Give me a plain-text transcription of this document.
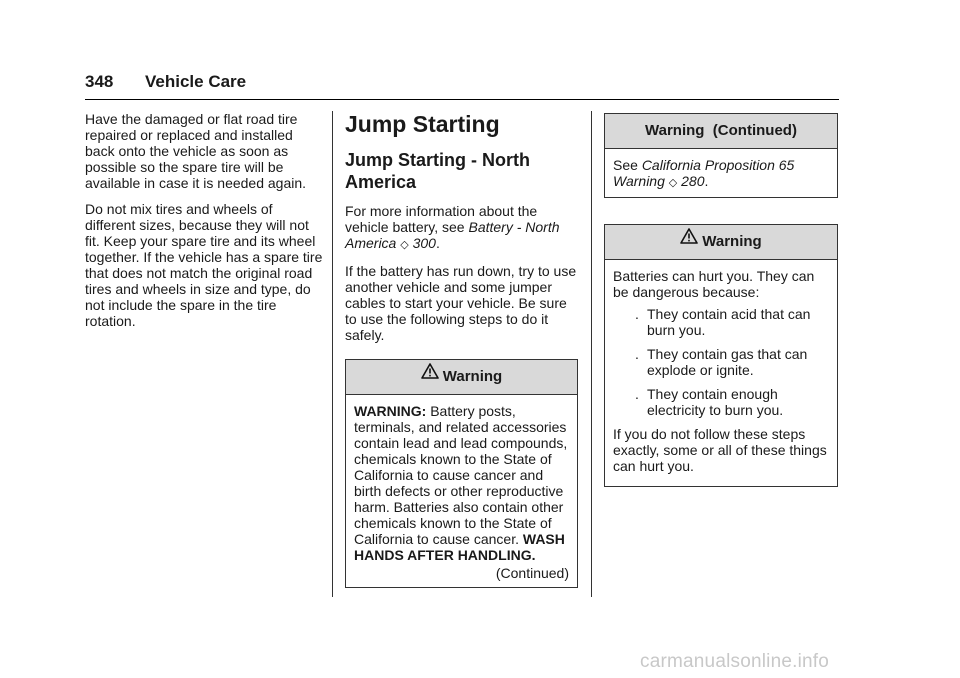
348 Vehicle Care

Have the damaged or flat road tire repaired or replaced and installed back onto the vehicle as soon as possible so the spare tire will be available in case it is needed again.

Do not mix tires and wheels of different sizes, because they will not fit. Keep your spare tire and its wheel together. If the vehicle has a spare tire that does not match the original road tires and wheels in size and type, do not include the spare in the tire rotation.

Jump Starting
Jump Starting - North America

For more information about the vehicle battery, see Battery - North America ◇ 300.

If the battery has run down, try to use another vehicle and some jumper cables to start your vehicle. Be sure to use the following steps to do it safely.

Warning
WARNING: Battery posts, terminals, and related accessories contain lead and lead compounds, chemicals known to the State of California to cause cancer and birth defects or other reproductive harm. Batteries also contain other chemicals known to the State of California to cause cancer. WASH HANDS AFTER HANDLING.
(Continued)
Warning  (Continued)
See California Proposition 65 Warning ◇ 280.
Warning

Batteries can hurt you. They can be dangerous because:

. They contain acid that can burn you.
. They contain gas that can explode or ignite.
. They contain enough electricity to burn you.

If you do not follow these steps exactly, some or all of these things can hurt you.

carmanualsonline.info
